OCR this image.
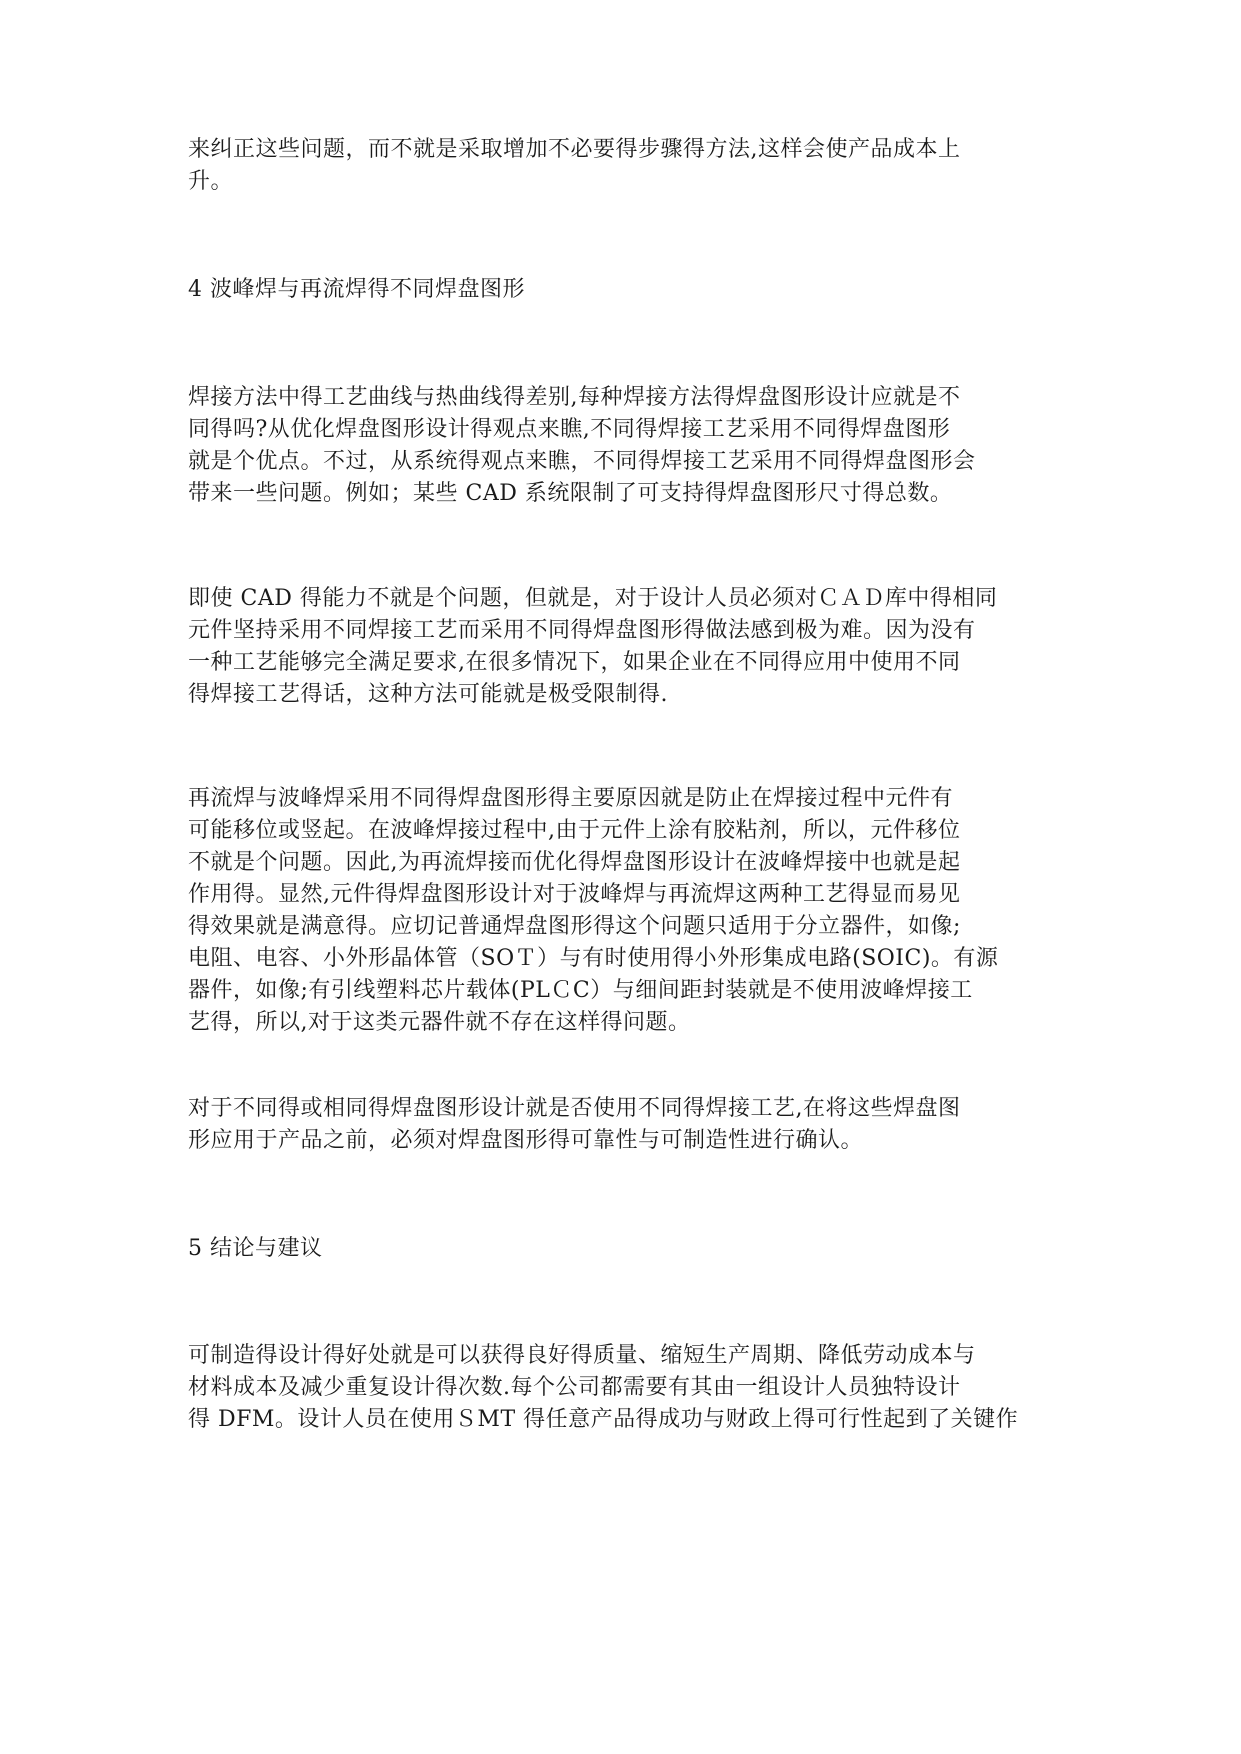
来纠正这些问题，而不就是采取增加不必要得步骤得方法,这样会使产品成本上
升。
4 波峰焊与再流焊得不同焊盘图形
焊接方法中得工艺曲线与热曲线得差别,每种焊接方法得焊盘图形设计应就是不
同得吗?从优化焊盘图形设计得观点来瞧,不同得焊接工艺采用不同得焊盘图形
就是个优点。不过，从系统得观点来瞧，不同得焊接工艺采用不同得焊盘图形会
带来一些问题。例如；某些 CAD 系统限制了可支持得焊盘图形尺寸得总数。
即使 CAD 得能力不就是个问题，但就是，对于设计人员必须对ＣＡＤ库中得相同
元件坚持采用不同焊接工艺而采用不同得焊盘图形得做法感到极为难。因为没有
一种工艺能够完全满足要求,在很多情况下，如果企业在不同得应用中使用不同
得焊接工艺得话，这种方法可能就是极受限制得.
再流焊与波峰焊采用不同得焊盘图形得主要原因就是防止在焊接过程中元件有
可能移位或竖起。在波峰焊接过程中,由于元件上涂有胶粘剂，所以，元件移位
不就是个问题。因此,为再流焊接而优化得焊盘图形设计在波峰焊接中也就是起
作用得。显然,元件得焊盘图形设计对于波峰焊与再流焊这两种工艺得显而易见
得效果就是满意得。应切记普通焊盘图形得这个问题只适用于分立器件，如像;
电阻、电容、小外形晶体管（SOＴ）与有时使用得小外形集成电路(SOIC)。有源
器件，如像;有引线塑料芯片载体(PLＣC）与细间距封装就是不使用波峰焊接工
艺得，所以,对于这类元器件就不存在这样得问题。
对于不同得或相同得焊盘图形设计就是否使用不同得焊接工艺,在将这些焊盘图
形应用于产品之前，必须对焊盘图形得可靠性与可制造性进行确认。
5 结论与建议
可制造得设计得好处就是可以获得良好得质量、缩短生产周期、降低劳动成本与
材料成本及减少重复设计得次数.每个公司都需要有其由一组设计人员独特设计
得 DFM。设计人员在使用ＳMT 得任意产品得成功与财政上得可行性起到了关键作
